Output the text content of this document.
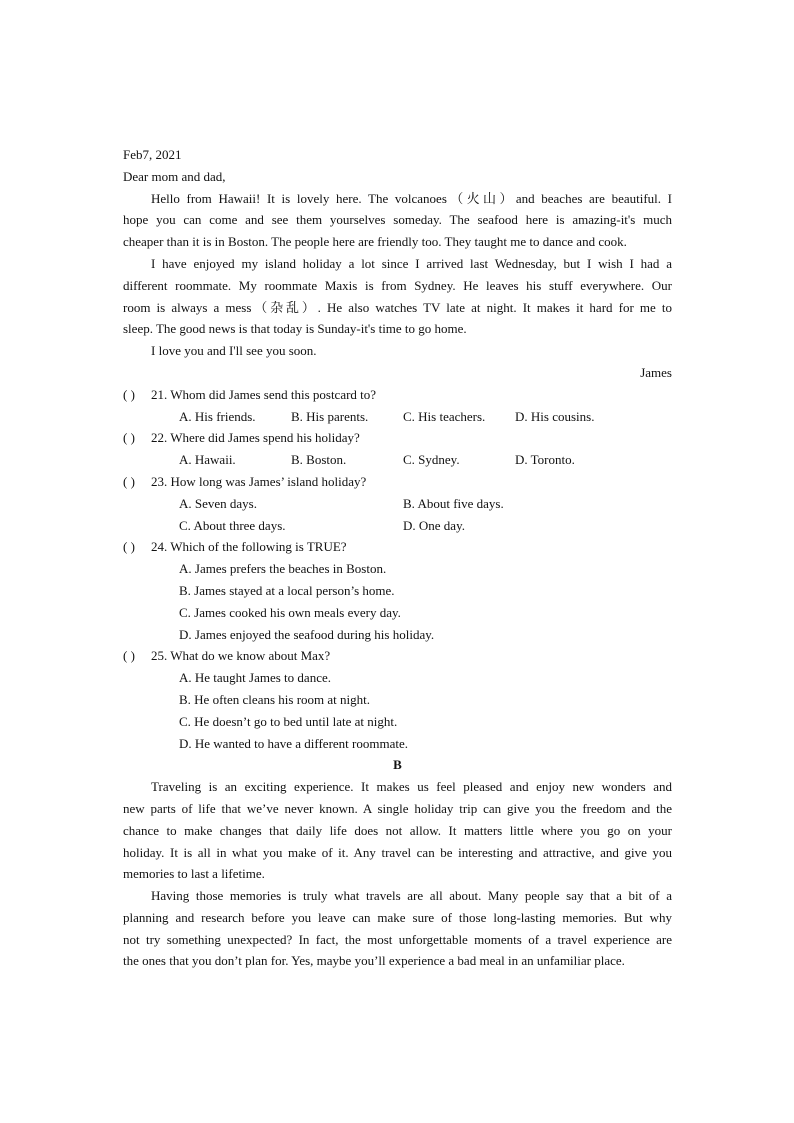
Feb7, 2021
Dear mom and dad,
Hello from Hawaii! It is lovely here. The volcanoes（火山）and beaches are beautiful. I
hope you can come and see them yourselves someday. The seafood here is amazing-it's much
cheaper than it is in Boston. The people here are friendly too. They taught me to dance and cook.
I have enjoyed my island holiday a lot since I arrived last Wednesday, but I wish I had a
different roommate. My roommate Maxis is from Sydney. He leaves his stuff everywhere. Our
room is always a mess（杂乱）. He also watches TV late at night. It makes it hard for me to
sleep. The good news is that today is Sunday-it's time to go home.
I love you and I'll see you soon.
James
( ) 21. Whom did James send this postcard to?
A. His friends.	B. His parents.	C. His teachers. D. His cousins.
( ) 22. Where did James spend his holiday?
A. Hawaii.	B. Boston.	C. Sydney.	D. Toronto.
( ) 23. How long was James’ island holiday?
A. Seven days.	B. About five days.
C. About three days.	D. One day.
( ) 24. Which of the following is TRUE?
A. James prefers the beaches in Boston.
B. James stayed at a local person’s home.
C. James cooked his own meals every day.
D. James enjoyed the seafood during his holiday.
( ) 25. What do we know about Max?
A. He taught James to dance.
B. He often cleans his room at night.
C. He doesn’t go to bed until late at night.
D. He wanted to have a different roommate.
B
Traveling is an exciting experience. It makes us feel pleased and enjoy new wonders and
new parts of life that we’ve never known. A single holiday trip can give you the freedom and the
chance to make changes that daily life does not allow. It matters little where you go on your
holiday. It is all in what you make of it. Any travel can be interesting and attractive, and give you
memories to last a lifetime.
Having those memories is truly what travels are all about. Many people say that a bit of a
planning and research before you leave can make sure of those long-lasting memories. But why
not try something unexpected? In fact, the most unforgettable moments of a travel experience are
the ones that you don’t plan for. Yes, maybe you’ll experience a bad meal in an unfamiliar place.
